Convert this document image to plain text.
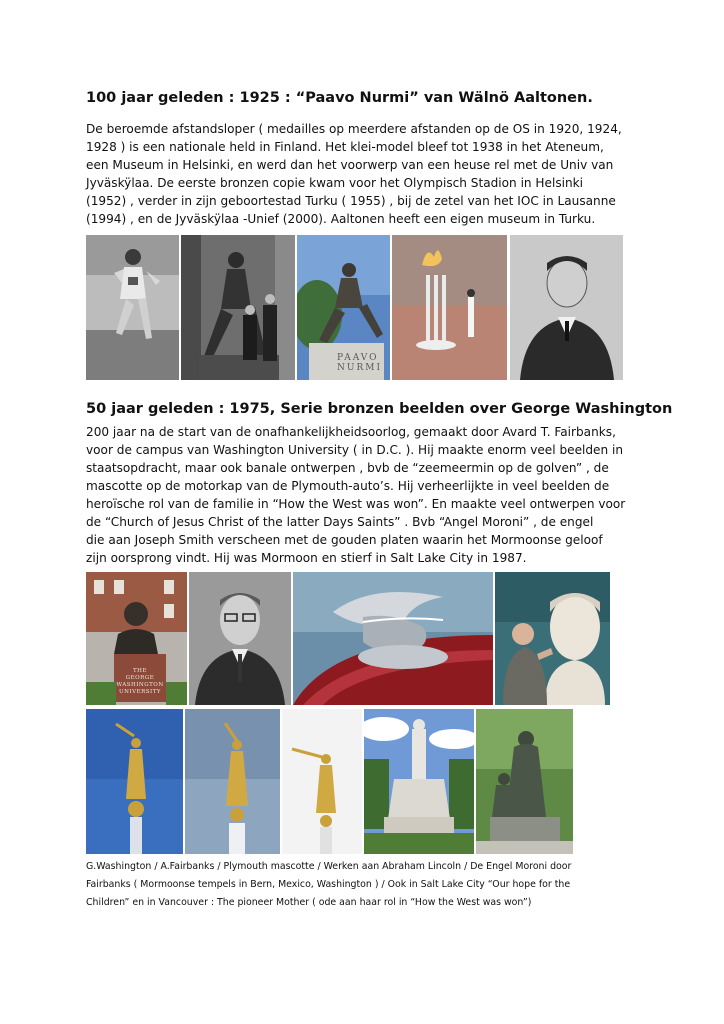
100 jaar geleden : 1925 : “Paavo Nurmi” van Wälnö Aaltonen.
De beroemde afstandsloper ( medailles op meerdere afstanden op de OS in 1920, 1924,
1928 ) is een nationale held in Finland. Het klei-model bleef tot 1938 in het Ateneum,
een Museum in Helsinki, en werd dan het voorwerp van een heuse rel met de Univ van
Jyväskÿlaa. De eerste bronzen copie kwam voor het Olympisch Stadion in Helsinki
(1952) , verder in zijn geboortestad Turku ( 1955) , bij de zetel van het IOC in Lausanne
(1994) , en de Jyväskÿlaa -Unief (2000). Aaltonen heeft een eigen museum in Turku.
PAAVO
NURMI
50 jaar geleden : 1975, Serie bronzen beelden over George Washington
200 jaar na de start van de onafhankelijkheidsoorlog, gemaakt door Avard T. Fairbanks,
voor de campus van Washington University ( in D.C. ). Hij maakte enorm veel beelden in
staatsopdracht, maar ook banale ontwerpen , bvb de “zeemeermin op de golven” , de
mascotte op de motorkap van de Plymouth-auto’s. Hij verheerlijkte in veel beelden de
heroïsche rol van de familie in “How the West was won”. En maakte veel ontwerpen voor
de “Church of Jesus Christ of the latter Days Saints” . Bvb “Angel Moroni” , de engel
die aan Joseph Smith verscheen met de gouden platen waarin het Mormoonse geloof
zijn oorsprong vindt. Hij was Mormoon en stierf in Salt Lake City in 1987.
THE
GEORGE
WASHINGTON
UNIVERSITY
G.Washington / A.Fairbanks / Plymouth mascotte / Werken aan Abraham Lincoln / De Engel Moroni door
Fairbanks ( Mormoonse tempels in Bern, Mexico, Washington ) / Ook in Salt Lake City “Our hope for the
Children” en in Vancouver : The pioneer Mother ( ode aan haar rol in “How the West was won”)
